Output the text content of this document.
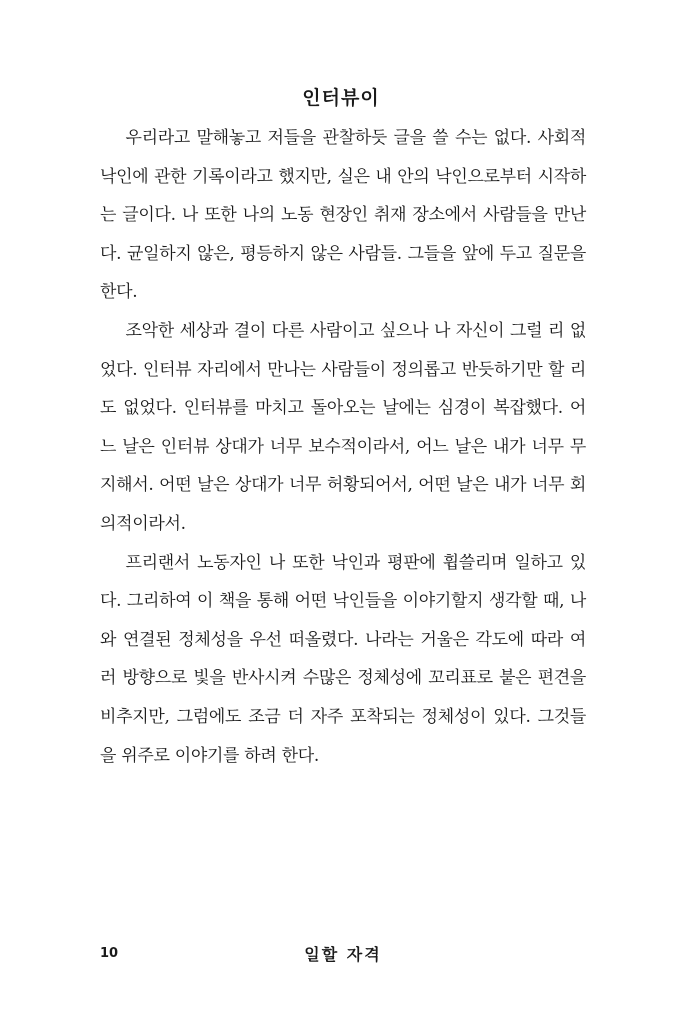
인터뷰이

우리라고 말해놓고 저들을 관찰하듯 글을 쓸 수는 없다. 사회적 낙인에 관한 기록이라고 했지만, 실은 내 안의 낙인으로부터 시작하는 글이다. 나 또한 나의 노동 현장인 취재 장소에서 사람들을 만난다. 균일하지 않은, 평등하지 않은 사람들. 그들을 앞에 두고 질문을 한다.

조악한 세상과 결이 다른 사람이고 싶으나 나 자신이 그럴 리 없었다. 인터뷰 자리에서 만나는 사람들이 정의롭고 반듯하기만 할 리도 없었다. 인터뷰를 마치고 돌아오는 날에는 심경이 복잡했다. 어느 날은 인터뷰 상대가 너무 보수적이라서, 어느 날은 내가 너무 무지해서. 어떤 날은 상대가 너무 허황되어서, 어떤 날은 내가 너무 회의적이라서.

프리랜서 노동자인 나 또한 낙인과 평판에 휩쓸리며 일하고 있다. 그리하여 이 책을 통해 어떤 낙인들을 이야기할지 생각할 때, 나와 연결된 정체성을 우선 떠올렸다. 나라는 거울은 각도에 따라 여러 방향으로 빛을 반사시켜 수많은 정체성에 꼬리표로 붙은 편견을 비추지만, 그럼에도 조금 더 자주 포착되는 정체성이 있다. 그것들을 위주로 이야기를 하려 한다.

10	일할 자격
